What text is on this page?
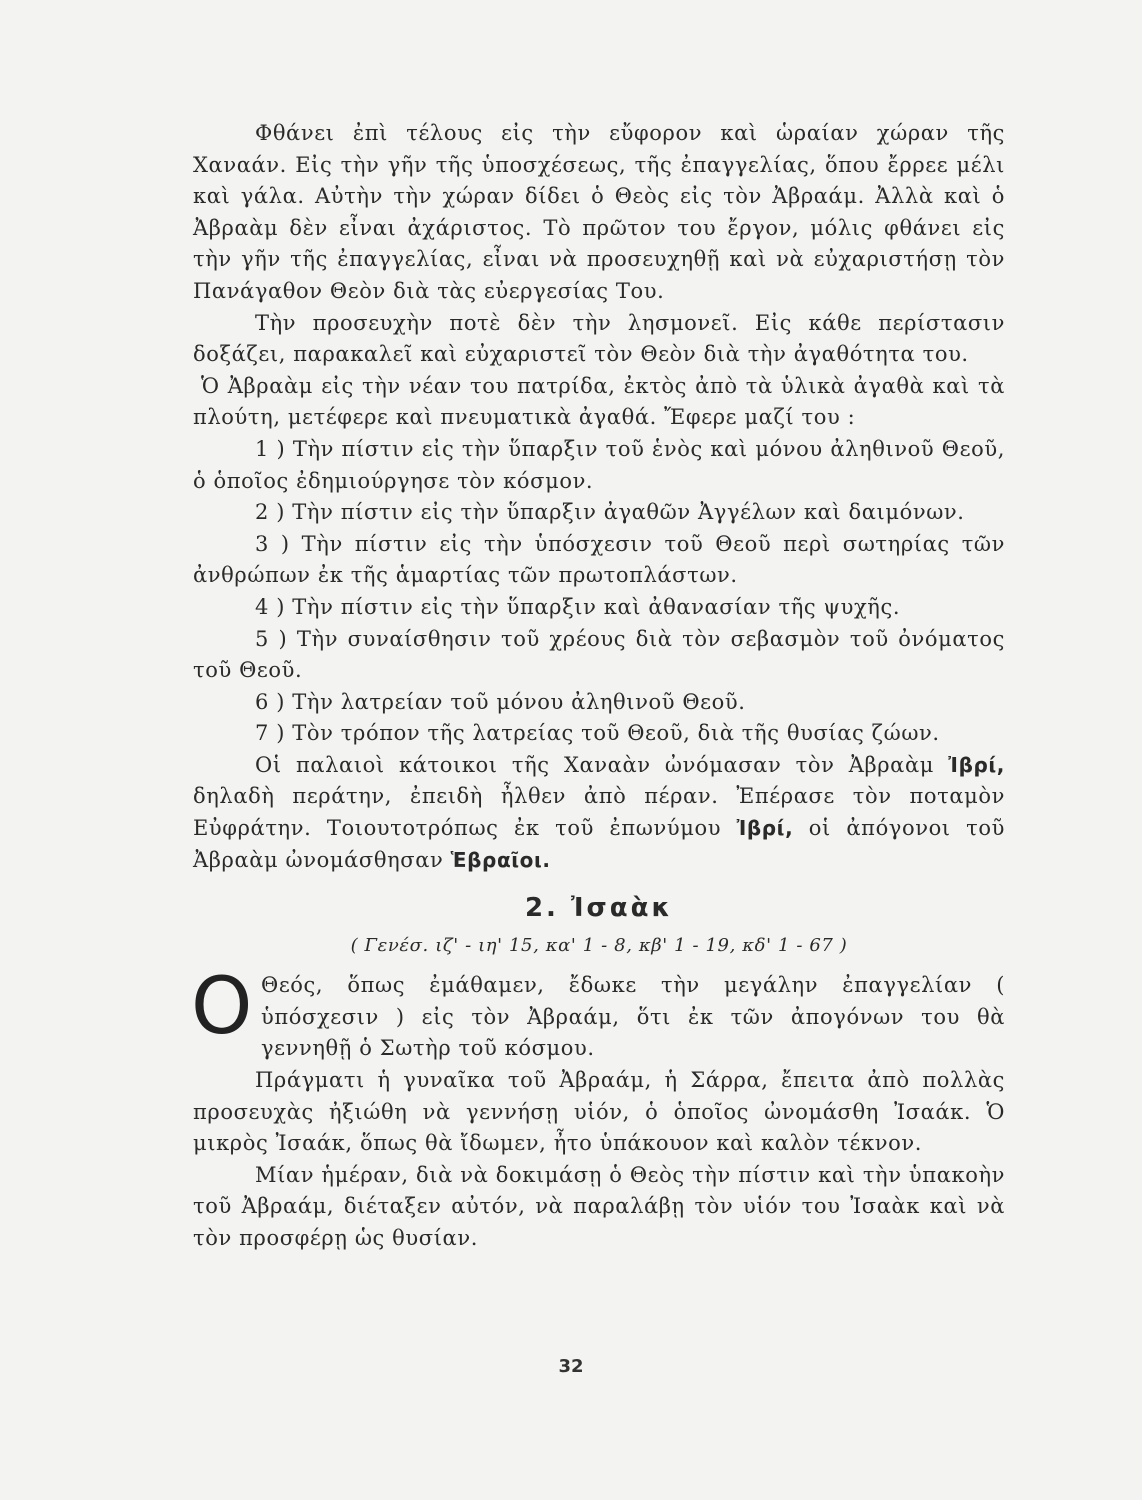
Φθάνει ἐπὶ τέλους εἰς τὴν εὔφορον καὶ ὡραίαν χώραν τῆς Χαναάν. Εἰς τὴν γῆν τῆς ὑποσχέσεως, τῆς ἐπαγγελίας, ὅπου ἔρρεε μέλι καὶ γάλα. Αὐτὴν τὴν χώραν δίδει ὁ Θεὸς εἰς τὸν Ἀβραάμ. Ἀλλὰ καὶ ὁ Ἀβραὰμ δὲν εἶναι ἀχάριστος. Τὸ πρῶτον του ἔργον, μόλις φθάνει εἰς τὴν γῆν τῆς ἐπαγγελίας, εἶναι νὰ προσευχηθῇ καὶ νὰ εὐχαριστήσῃ τὸν Πανάγαθον Θεὸν διὰ τὰς εὐεργεσίας Του.

Τὴν προσευχὴν ποτὲ δὲν τὴν λησμονεῖ. Εἰς κάθε περίστασιν δοξάζει, παρακαλεῖ καὶ εὐχαριστεῖ τὸν Θεὸν διὰ τὴν ἀγαθότητα του.

Ὁ Ἀβραὰμ εἰς τὴν νέαν του πατρίδα, ἐκτὸς ἀπὸ τὰ ὑλικὰ ἀγαθὰ καὶ τὰ πλούτη, μετέφερε καὶ πνευματικὰ ἀγαθά. Ἔφερε μαζί του :

1 ) Τὴν πίστιν εἰς τὴν ὕπαρξιν τοῦ ἑνὸς καὶ μόνου ἀληθινοῦ Θεοῦ, ὁ ὁποῖος ἐδημιούργησε τὸν κόσμον.

2 ) Τὴν πίστιν εἰς τὴν ὕπαρξιν ἀγαθῶν Ἀγγέλων καὶ δαιμόνων.

3 ) Τὴν πίστιν εἰς τὴν ὑπόσχεσιν τοῦ Θεοῦ περὶ σωτηρίας τῶν ἀνθρώπων ἐκ τῆς ἁμαρτίας τῶν πρωτοπλάστων.

4 ) Τὴν πίστιν εἰς τὴν ὕπαρξιν καὶ ἀθανασίαν τῆς ψυχῆς.

5 ) Τὴν συναίσθησιν τοῦ χρέους διὰ τὸν σεβασμὸν τοῦ ὀνόματος τοῦ Θεοῦ.

6 ) Τὴν λατρείαν τοῦ μόνου ἀληθινοῦ Θεοῦ.

7 ) Τὸν τρόπον τῆς λατρείας τοῦ Θεοῦ, διὰ τῆς θυσίας ζώων.

Οἱ παλαιοὶ κάτοικοι τῆς Χαναὰν ὠνόμασαν τὸν Ἀβραὰμ Ἰβρί, δηλαδὴ περάτην, ἐπειδὴ ἦλθεν ἀπὸ πέραν. Ἐπέρασε τὸν ποταμὸν Εὐφράτην. Τοιουτοτρόπως ἐκ τοῦ ἐπωνύμου Ἰβρί, οἱ ἀπόγονοι τοῦ Ἀβραὰμ ὠνομάσθησαν Ἑβραῖοι.

2. Ἰσαὰκ
( Γενέσ. ιζ' - ιη' 15, κα' 1 - 8, κβ' 1 - 19, κδ' 1 - 67 )

Ο Θεός, ὅπως ἐμάθαμεν, ἔδωκε τὴν μεγάλην ἐπαγγελίαν ( ὑπόσχεσιν ) εἰς τὸν Ἀβραάμ, ὅτι ἐκ τῶν ἀπογόνων του θὰ γεννηθῇ ὁ Σωτὴρ τοῦ κόσμου.

Πράγματι ἡ γυναῖκα τοῦ Ἀβραάμ, ἡ Σάρρα, ἔπειτα ἀπὸ πολλὰς προσευχὰς ἠξιώθη νὰ γεννήσῃ υἱόν, ὁ ὁποῖος ὠνομάσθη Ἰσαάκ. Ὁ μικρὸς Ἰσαάκ, ὅπως θὰ ἴδωμεν, ἦτο ὑπάκουον καὶ καλὸν τέκνον.

Μίαν ἡμέραν, διὰ νὰ δοκιμάσῃ ὁ Θεὸς τὴν πίστιν καὶ τὴν ὑπακοὴν τοῦ Ἀβραάμ, διέταξεν αὐτόν, νὰ παραλάβῃ τὸν υἱόν του Ἰσαὰκ καὶ νὰ τὸν προσφέρῃ ὡς θυσίαν.

32
